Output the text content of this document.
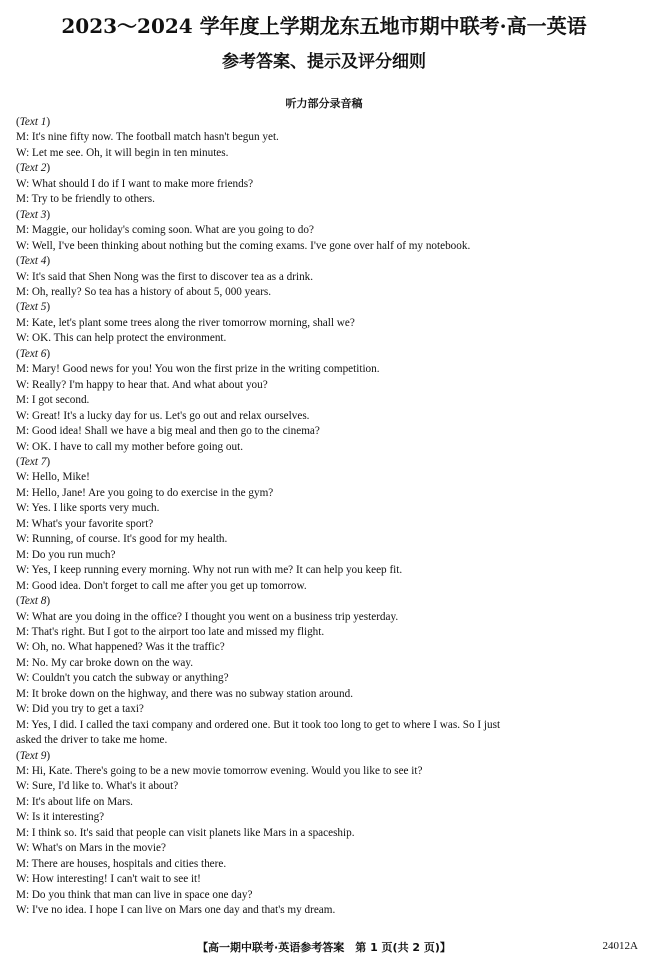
2023～2024 学年度上学期龙东五地市期中联考·高一英语
参考答案、提示及评分细则
听力部分录音稿
(Text 1)
M: It's nine fifty now. The football match hasn't begun yet.
W: Let me see. Oh, it will begin in ten minutes.
(Text 2)
W: What should I do if I want to make more friends?
M: Try to be friendly to others.
(Text 3)
M: Maggie, our holiday's coming soon. What are you going to do?
W: Well, I've been thinking about nothing but the coming exams. I've gone over half of my notebook.
(Text 4)
W: It's said that Shen Nong was the first to discover tea as a drink.
M: Oh, really? So tea has a history of about 5, 000 years.
(Text 5)
M: Kate, let's plant some trees along the river tomorrow morning, shall we?
W: OK. This can help protect the environment.
(Text 6)
M: Mary! Good news for you! You won the first prize in the writing competition.
W: Really? I'm happy to hear that. And what about you?
M: I got second.
W: Great! It's a lucky day for us. Let's go out and relax ourselves.
M: Good idea! Shall we have a big meal and then go to the cinema?
W: OK. I have to call my mother before going out.
(Text 7)
W: Hello, Mike!
M: Hello, Jane! Are you going to do exercise in the gym?
W: Yes. I like sports very much.
M: What's your favorite sport?
W: Running, of course. It's good for my health.
M: Do you run much?
W: Yes, I keep running every morning. Why not run with me? It can help you keep fit.
M: Good idea. Don't forget to call me after you get up tomorrow.
(Text 8)
W: What are you doing in the office? I thought you went on a business trip yesterday.
M: That's right. But I got to the airport too late and missed my flight.
W: Oh, no. What happened? Was it the traffic?
M: No. My car broke down on the way.
W: Couldn't you catch the subway or anything?
M: It broke down on the highway, and there was no subway station around.
W: Did you try to get a taxi?
M: Yes, I did. I called the taxi company and ordered one. But it took too long to get to where I was. So I just
asked the driver to take me home.
(Text 9)
M: Hi, Kate. There's going to be a new movie tomorrow evening. Would you like to see it?
W: Sure, I'd like to. What's it about?
M: It's about life on Mars.
W: Is it interesting?
M: I think so. It's said that people can visit planets like Mars in a spaceship.
W: What's on Mars in the movie?
M: There are houses, hospitals and cities there.
W: How interesting! I can't wait to see it!
M: Do you think that man can live in space one day?
W: I've no idea. I hope I can live on Mars one day and that's my dream.
【高一期中联考·英语参考答案　第 1 页(共 2 页)】	24012A
